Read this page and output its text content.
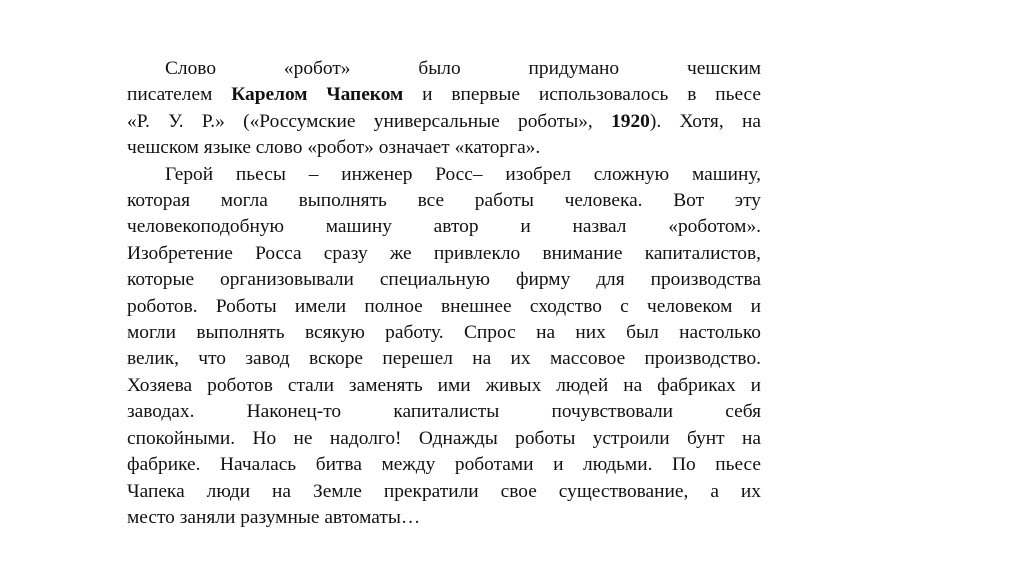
Слово «робот» было придумано чешским
писателем Карелом Чапеком и впервые использовалось в пьесе
«Р. У. Р.» («Россумские универсальные роботы», 1920). Хотя, на
чешском языке слово «робот» означает «каторга».
Герой пьесы – инженер Росс– изобрел сложную машину,
которая могла выполнять все работы человека. Вот эту
человекоподобную машину автор и назвал «роботом».
Изобретение Росса сразу же привлекло внимание капиталистов,
которые организовывали специальную фирму для производства
роботов. Роботы имели полное внешнее сходство с человеком и
могли выполнять всякую работу. Спрос на них был настолько
велик, что завод вскоре перешел на их массовое производство.
Хозяева роботов стали заменять ими живых людей на фабриках и
заводах. Наконец-то капиталисты почувствовали себя
спокойными. Но не надолго! Однажды роботы устроили бунт на
фабрике. Началась битва между роботами и людьми. По пьесе
Чапека люди на Земле прекратили свое существование, а их
место заняли разумные автоматы…
